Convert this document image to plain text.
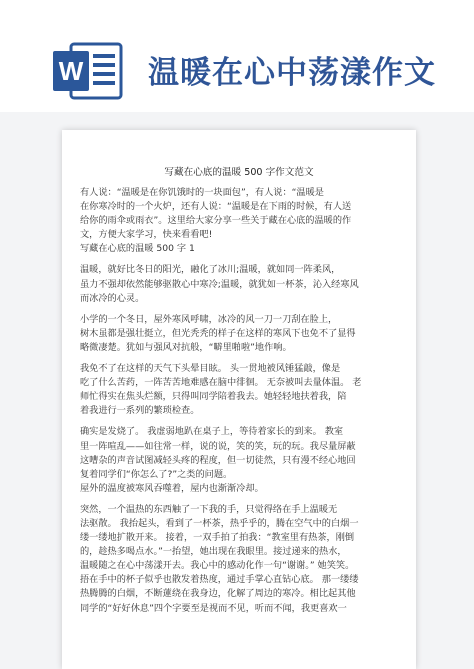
W 温暖在心中荡漾作文
写藏在心底的温暖 500 字作文范文
有人说：“温暖是在你饥饿时的一块面包”，有人说：“温暖是
在你寒冷时的一个火炉，还有人说：“温暖是在下雨的时候，有人送
给你的雨伞或雨衣”。这里给大家分享一些关于藏在心底的温暖的作
文，方便大家学习，快来看看吧!
写藏在心底的温暖 500 字 1
温暖，就好比冬日的阳光，融化了冰川;温暖，就如同一阵柔风，
虽力不强却依然能够驱散心中寒冷;温暖，就犹如一杯茶，沁入经寒风
而冰冷的心灵。
小学的一个冬日，屋外寒风呼啸，冰冷的风一刀一刀刮在脸上，
树木虽都是强壮挺立，但光秃秃的样子在这样的寒风下也免不了显得
略微凄楚。犹如与强风对抗般，“噼里啪啦”地作响。
我免不了在这样的天气下头晕目眩。 头一贯地被风锤猛敲，像是
吃了什么苦药，一阵苦苦地难感在脑中徘徊。 无奈被叫去量体温。 老
师忙得实在焦头烂额，只得叫同学陪着我去。她轻轻地扶着我，陪
着我进行一系列的繁琐检查。
确实是发烧了。 我虚弱地趴在桌子上，等待着家长的到来。 教室
里一阵喧乱——如往常一样，说的说，笑的笑，玩的玩。我尽量屏蔽
这嘈杂的声音试图减轻头疼的程度，但一切徒然，只有漫不经心地回
复着同学们“你怎么了?”之类的问题。
屋外的温度被寒风吞噬着，屋内也渐渐冷却。
突然，一个温热的东西触了一下我的手，只觉得络在手上温暖无
法驱散。 我抬起头，看到了一杯茶，热乎乎的，腾在空气中的白烟一
缕一缕地扩散开来。 接着，一双手拍了拍我：“教室里有热茶，刚倒
的，趁热多喝点水。”一抬望，她出现在我眼里。接过递来的热水，
温暖随之在心中荡漾开去。我心中的感动化作一句“谢谢。” 她笑笑。
捂在手中的杯子似乎也散发着热度，通过手掌心直钻心底。 那一缕缕
热腾腾的白烟，不断蓮绕在我身边，化解了周边的寒冷。相比起其他
同学的“好好休息”四个字要至是视而不见，听而不闻，我更喜欢一
